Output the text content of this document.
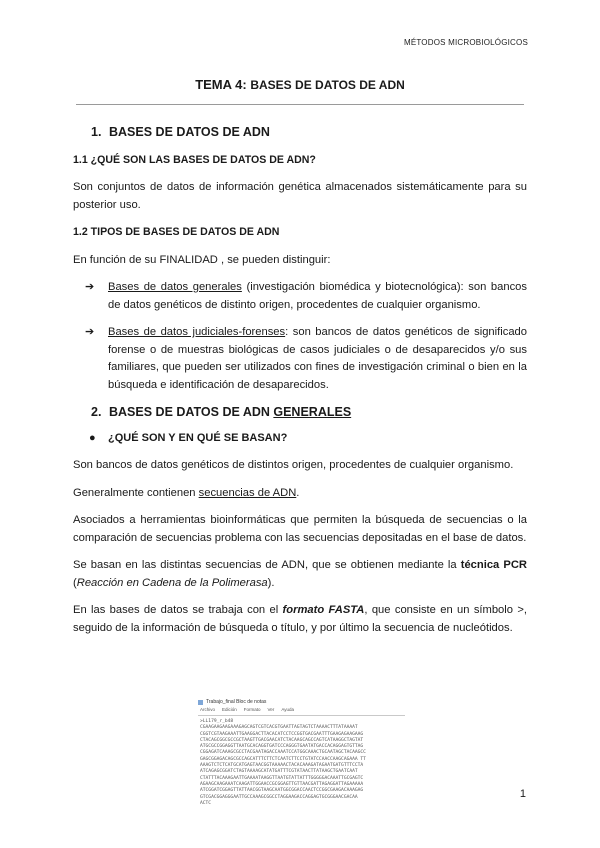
MÉTODOS MICROBIOLÓGICOS
TEMA 4: BASES DE DATOS DE ADN
1. BASES DE DATOS DE ADN
1.1 ¿QUÉ SON LAS BASES DE DATOS DE ADN?

Son conjuntos de datos de información genética almacenados sistemáticamente para su posterior uso.

1.2 TIPOS DE BASES DE DATOS DE ADN

En función de su FINALIDAD , se pueden distinguir:

➔ Bases de datos generales (investigación biomédica y biotecnológica): son bancos de datos genéticos de distinto origen, procedentes de cualquier organismo.
➔ Bases de datos judiciales-forenses: son bancos de datos genéticos de significado forense o de muestras biológicas de casos judiciales o de desaparecidos y/o sus familiares, que pueden ser utilizados con fines de investigación criminal o bien en la búsqueda e identificación de desaparecidos.
2. BASES DE DATOS DE ADN GENERALES
● ¿QUÉ SON Y EN QUÉ SE BASAN?

Son bancos de datos genéticos de distintos origen, procedentes de cualquier organismo.

Generalmente contienen secuencias de ADN.

Asociados a herramientas bioinformáticas que permiten la búsqueda de secuencias o la comparación de secuencias problema con las secuencias depositadas en el base de datos.

Se basan en las distintas secuencias de ADN, que se obtienen mediante la técnica PCR (Reacción en Cadena de la Polimerasa).

En las bases de datos se trabaja con el formato FASTA, que consiste en un símbolo >, seguido de la información de búsqueda o título, y por último la secuencia de nucleótidos.

Trabajo_final Bloc de notas
Archivo Edición Formato Ver Ayuda
>LL179_r_b48
CGAAGAAGAAGAAAGAGCAGTCGTCACGTGAATTAGTAGTCTAAAACTTTATAAAAT
CGGTCGTAAGAAATTGAAGGACTTACACATCCTCCGGTGACGAATTTGAAGAGAAGAAG
CTACAGCGGCGCCGCTAAGTTGACGAACATCTACAAGCAGCCAGTCATAAGGCTAGTAT
ATGCGCCGGAGGTTAATGCACAGGTGATCCCAGGGTGAATATGACCACAGGAGTGTTAG
CGGAGATCAAAGCGCCTACGAATAGACCAAATCCATGGCAAACTGCAATAGCTACAAGCC
GAGCGGAGACAGCGCCAGCATTTCTTCTCAATCTTCCTGTATCCAACCAAGCAGAAA TT
AAAGTCTCTCATGCATGAGTAACGGTAAAAACTACACAAAGATAGAATGATGTTTCCTA
ATCAGAGCGGATCTAGTAAAAGCATATGATTTCGTATAACTTATAAGCTGAATCAAT
CTATTTACAAAGAATTGAAAATAAGGTTAATGTATTATTTGGGGGACAAATTGCGAGTC
AGAAGCAAGAAATCAAGATTGGAACCGCGGAGTTGTTAACGATTAGAGGATTAGAAAAA
ATCGGATCGGAGTTATTAACGGTAAGCAATGGCGGACCAACTCCGGCGAAGACAAAGAG
GTCGACGGAGGGAATTGCCAAAGCGGCCTAGGAAGACCAGGAGTGCGGGAACGACAA
ACTC
1
